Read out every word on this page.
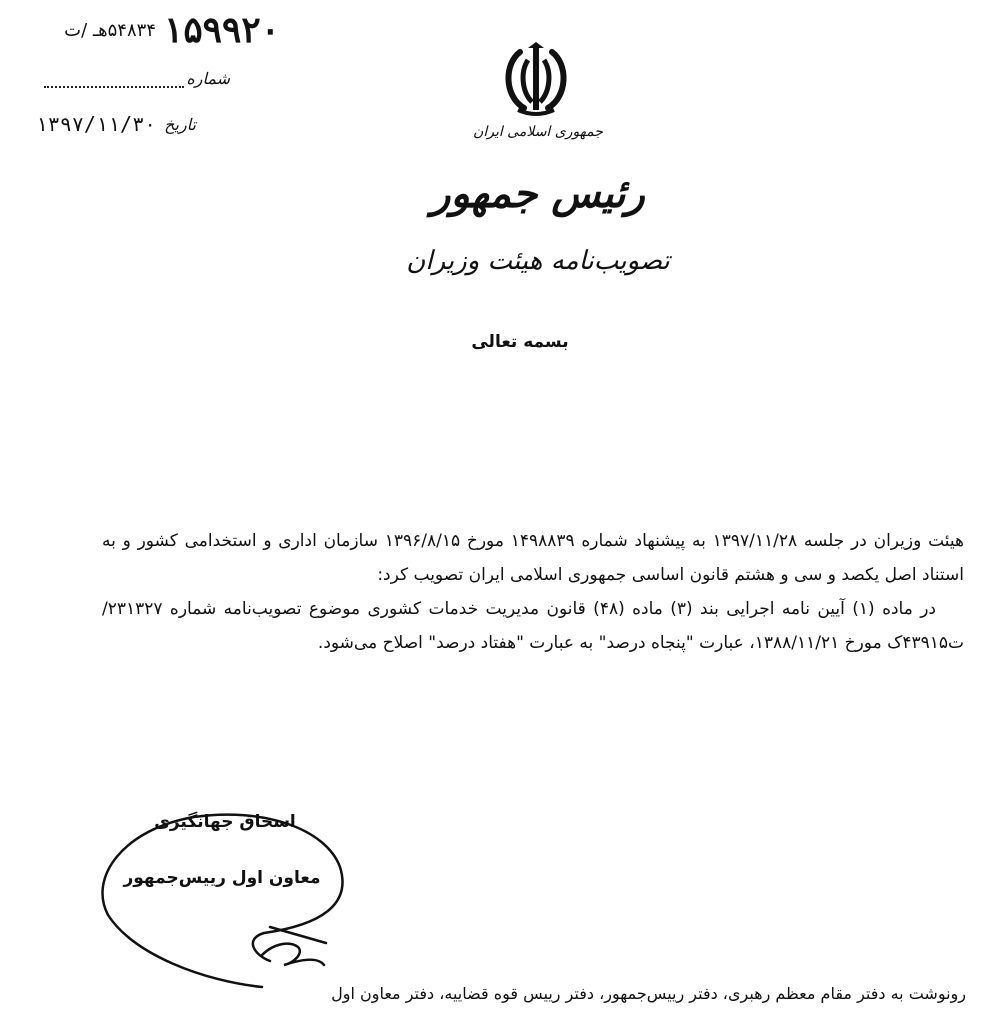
۵۴۸۳۴هـ /ت ۱۵۹۹۲۰
شماره
۱۳۹۷/۱۱/۳۰ تاریخ	جمهوری اسلامی ایران
رئیس جمهور
تصویب‌نامه هیئت وزیران
بسمه تعالی

هیئت وزیران در جلسه ۱۳۹۷/۱۱/۲۸ به پیشنهاد شماره ۱۴۹۸۸۳۹ مورخ ۱۳۹۶/۸/۱۵ سازمان اداری و استخدامی کشور و به استناد اصل یکصد و سی و هشتم قانون اساسی جمهوری اسلامی ایران تصویب کرد:

در ماده (۱) آیین نامه اجرایی بند (۳) ماده (۴۸) قانون مدیریت خدمات کشوری موضوع تصویب‌نامه شماره ۲۳۱۳۲۷/ت۴۳۹۱۵ک مورخ ۱۳۸۸/۱۱/۲۱، عبارت "پنجاه درصد" به عبارت "هفتاد درصد" اصلاح می‌شود.

اسحاق جهانگیری
معاون اول رییس‌جمهور
رونوشت به دفتر مقام معظم رهبری، دفتر رییس‌جمهور، دفتر رییس قوه قضاییه، دفتر معاون اول
